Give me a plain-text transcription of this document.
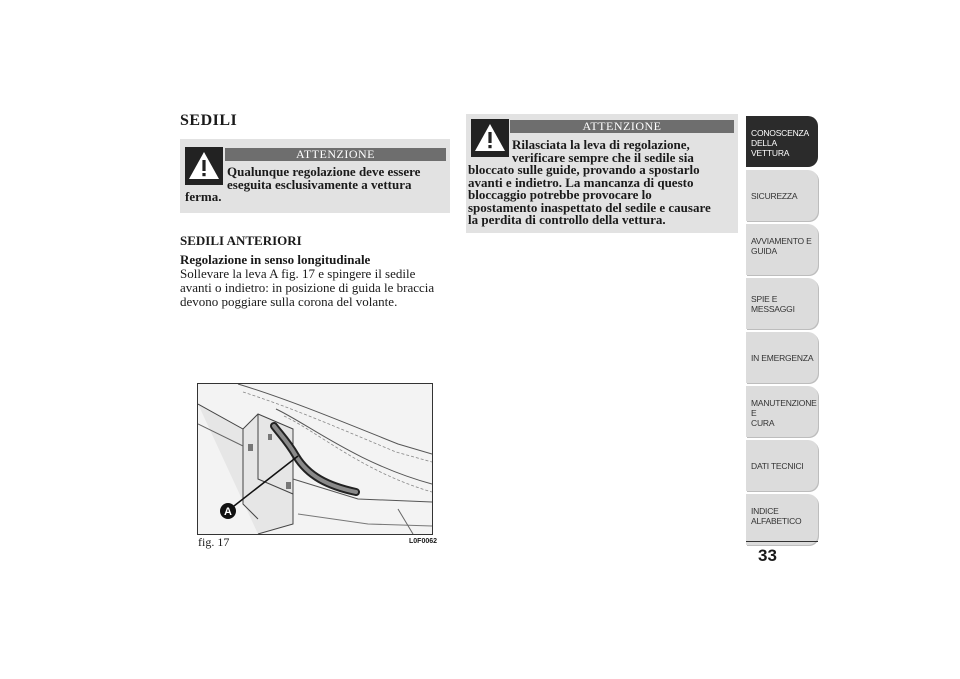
SEDILI
ATTENZIONE
Qualunque regolazione deve essere
eseguita esclusivamente a vettura
ferma.
ATTENZIONE
Rilasciata la leva di regolazione,
verificare sempre che il sedile sia
bloccato sulle guide, provando a spostarlo
avanti e indietro. La mancanza di questo
bloccaggio potrebbe provocare lo
spostamento inaspettato del sedile e causare
la perdita di controllo della vettura.
SEDILI ANTERIORI
Regolazione in senso longitudinale
Sollevare la leva A fig. 17 e spingere il sedile
avanti o indietro: in posizione di guida le braccia
devono poggiare sulla corona del volante.
A
fig. 17	L0F0062
CONOSCENZA
DELLA VETTURA
SICUREZZA
AVVIAMENTO E
GUIDA
SPIE E MESSAGGI
IN EMERGENZA
MANUTENZIONE E
CURA
DATI TECNICI
INDICE
ALFABETICO
33
